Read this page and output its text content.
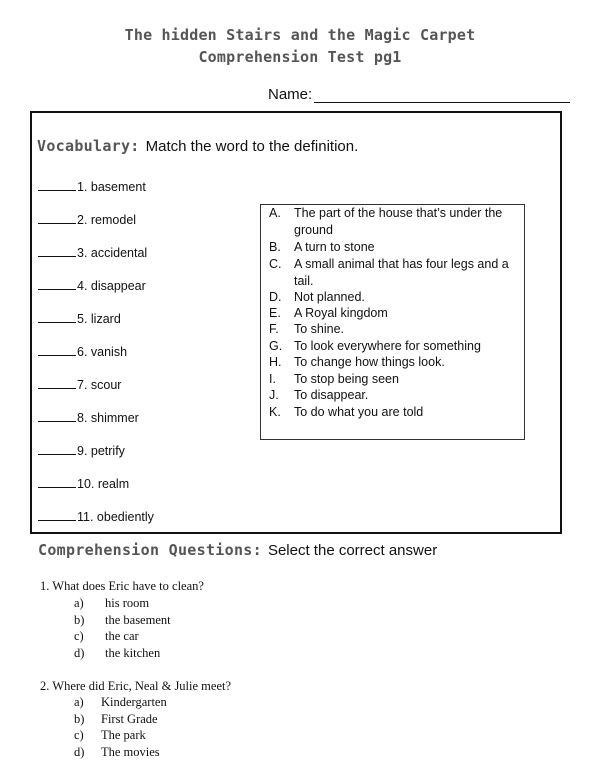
The hidden Stairs and the Magic Carpet
Comprehension Test pg1
Name:
Vocabulary: Match the word to the definition.
1. basement
2. remodel
3. accidental
4. disappear
5. lizard
6. vanish
7. scour
8. shimmer
9. petrify
10. realm
11. obediently
A. The part of the house that’s under the ground
B. A turn to stone
C. A small animal that has four legs and a tail.
D. Not planned.
E. A Royal kingdom
F. To shine.
G. To look everywhere for something
H. To change how things look.
I. To stop being seen
J. To disappear.
K. To do what you are told
Comprehension Questions: Select the correct answer
1. What does Eric have to clean?
a) his room
b) the basement
c) the car
d) the kitchen
2. Where did Eric, Neal & Julie meet?
a) Kindergarten
b) First Grade
c) The park
d) The movies
